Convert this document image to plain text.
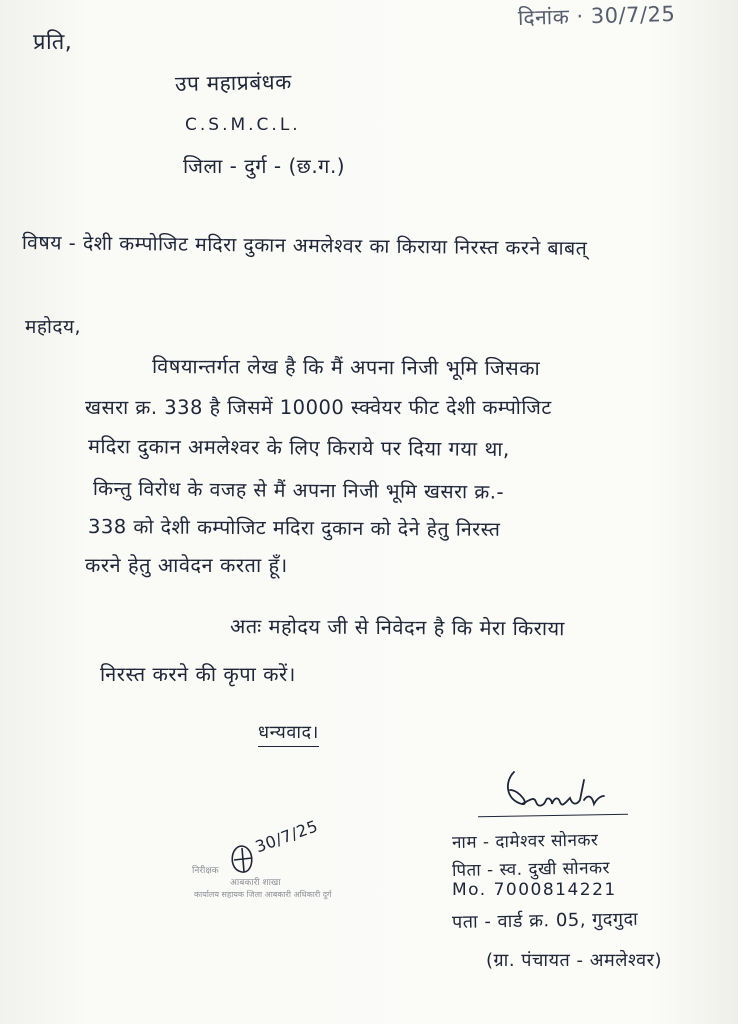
दिनांक · 30/7/25
प्रति,
उप महाप्रबंधक
C.S.M.C.L.
जिला - दुर्ग - (छ.ग.)
विषय - देशी कम्पोजिट मदिरा दुकान अमलेश्वर का किराया निरस्त करने बाबत्
महोदय,
विषयान्तर्गत लेख है कि मैं अपना निजी भूमि जिसका
खसरा क्र. 338 है जिसमें 10000 स्क्वेयर फीट देशी कम्पोजिट
मदिरा दुकान अमलेश्वर के लिए किराये पर दिया गया था,
किन्तु विरोध के वजह से मैं अपना निजी भूमि खसरा क्र.-
338 को देशी कम्पोजिट मदिरा दुकान को देने हेतु निरस्त
करने हेतु आवेदन करता हूँ।
अतः महोदय जी से निवेदन है कि मेरा किराया
निरस्त करने की कृपा करें।
धन्यवाद।
नाम - दामेश्वर सोनकर
पिता - स्व. दुखी सोनकर
Mo. 7000814221
पता - वार्ड क्र. 05, गुदगुदा
(ग्रा. पंचायत - अमलेश्वर)
निरीक्षक
आबकारी शाखा
कार्यालय सहायक जिला आबकारी अधिकारी दुर्ग
30/7/25
